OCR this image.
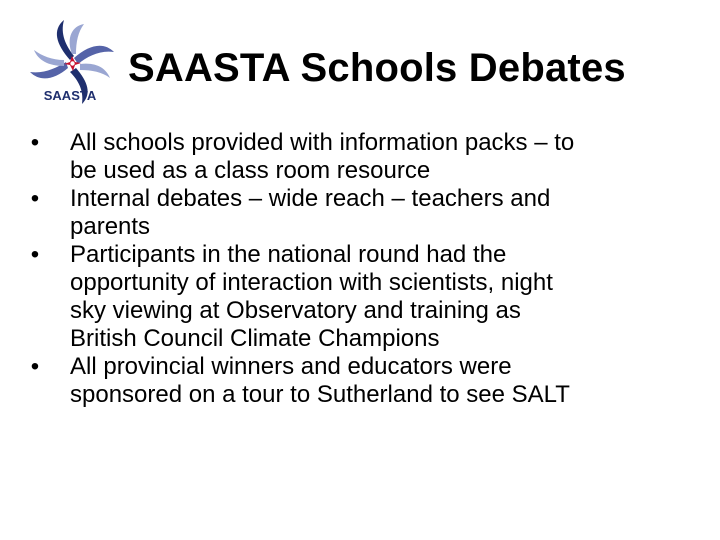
SAASTA
SAASTA Schools Debates
• All schools provided with information packs – to
be used as a class room resource
• Internal debates – wide reach – teachers and
parents
• Participants in the national round had the
opportunity of interaction with scientists, night
sky viewing at Observatory and training as
British Council Climate Champions
• All provincial winners and educators were
sponsored on a tour to Sutherland to see SALT
